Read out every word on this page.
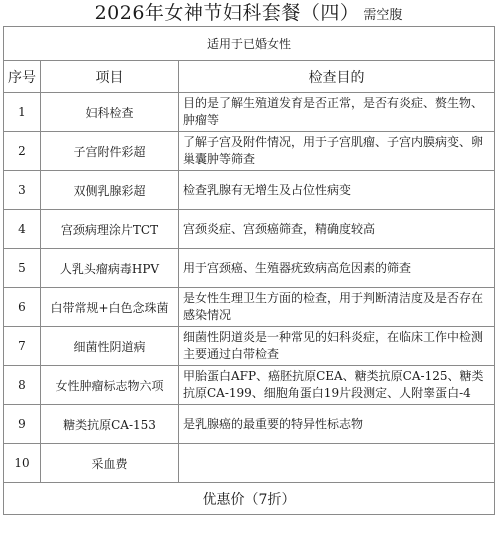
2026年女神节妇科套餐（四） 需空腹
适用于已婚女性		
序号	项目	检查目的
1	妇科检查	目的是了解生殖道发育是否正常，是否有炎症、赘生物、肿瘤等
2	子宫附件彩超	了解子宫及附件情况，用于子宫肌瘤、子宫内膜病变、卵巢囊肿等筛查
3	双侧乳腺彩超	检查乳腺有无增生及占位性病变
4	宫颈病理涂片TCT	宫颈炎症、宫颈癌筛查，精确度较高
5	人乳头瘤病毒HPV	用于宫颈癌、生殖器疣致病高危因素的筛查
6	白带常规+白色念珠菌	是女性生理卫生方面的检查，用于判断清洁度及是否存在感染情况
7	细菌性阴道病	细菌性阴道炎是一种常见的妇科炎症，在临床工作中检测主要通过白带检查
8	女性肿瘤标志物六项	甲胎蛋白AFP、癌胚抗原CEA、糖类抗原CA-125、糖类抗原CA-199、细胞角蛋白19片段测定、人附睾蛋白-4
9	糖类抗原CA-153	是乳腺癌的最重要的特异性标志物
10	采血费	
优惠价（7折）		
